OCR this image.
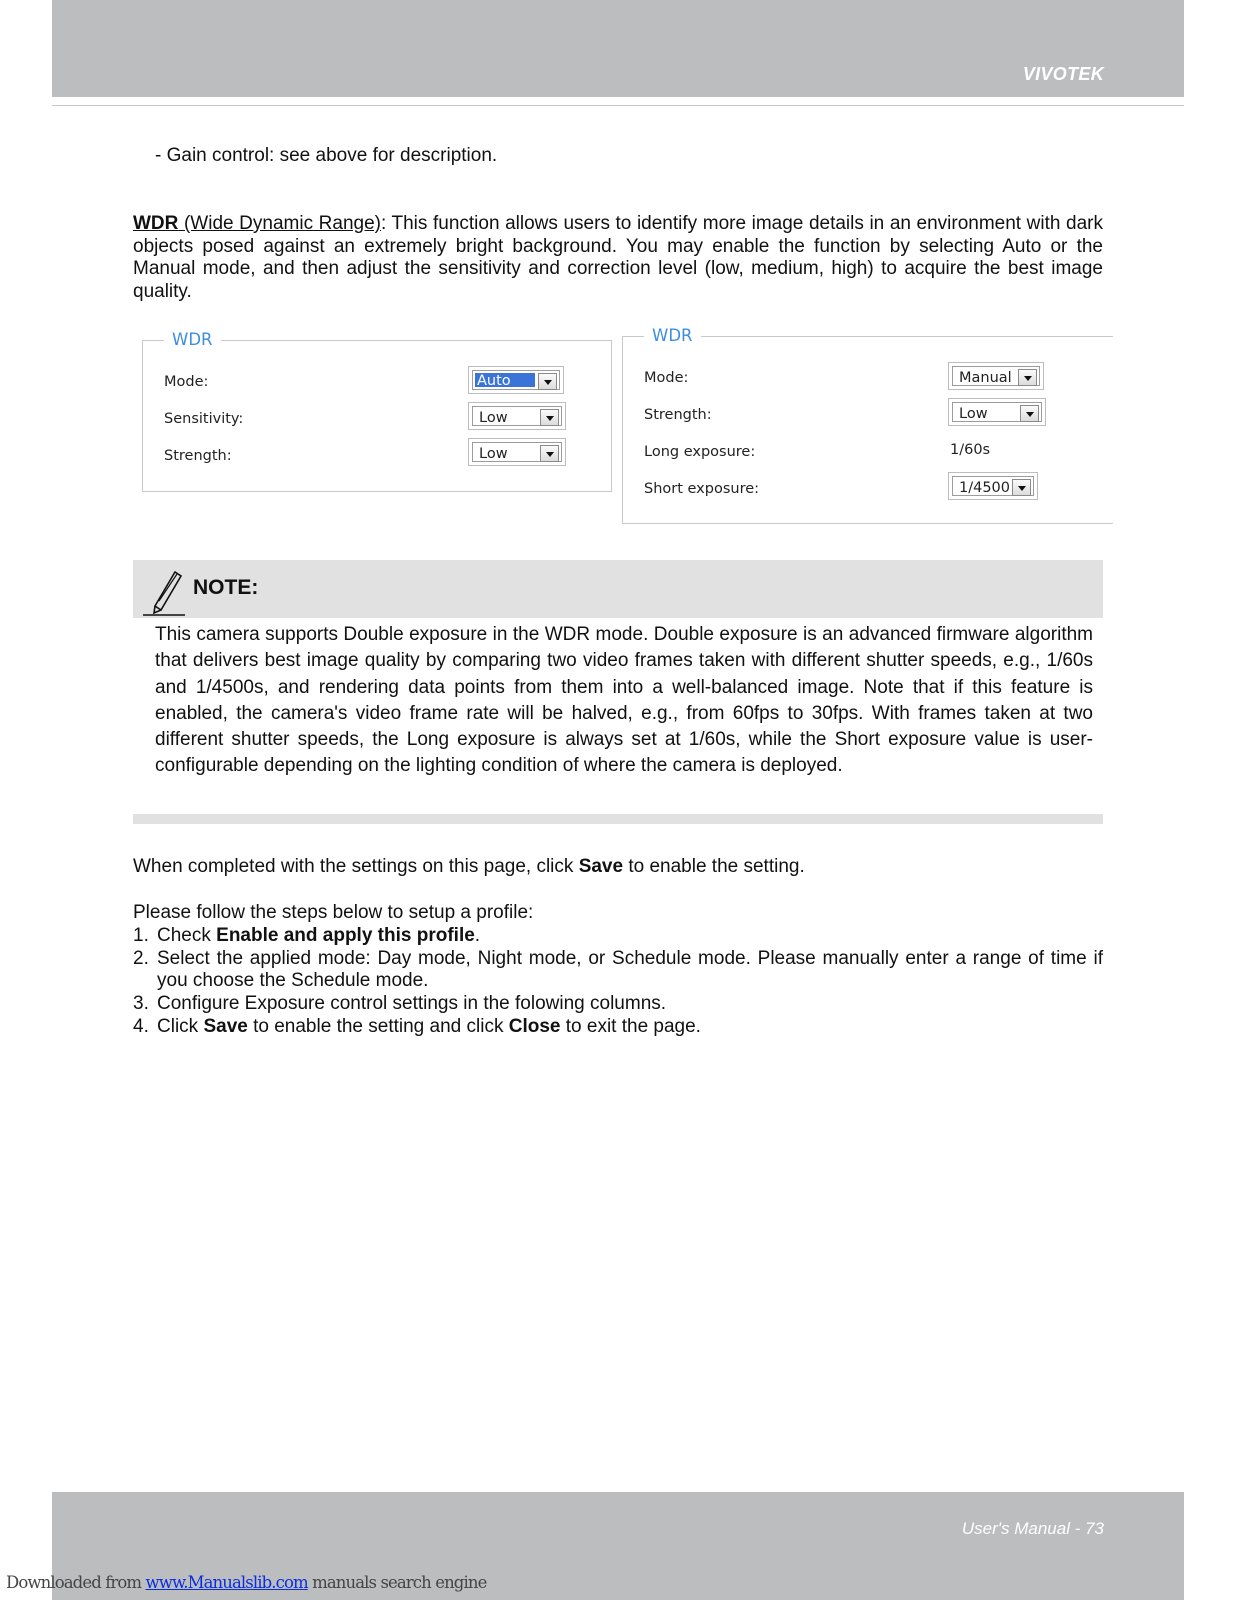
VIVOTEK
- Gain control: see above for description.
WDR (Wide Dynamic Range): This function allows users to identify more image details in an environment with dark objects posed against an extremely bright background. You may enable the function by selecting Auto or the Manual mode, and then adjust the sensitivity and correction level (low, medium, high) to acquire the best image quality.
WDR
Mode:	Auto
Sensitivity:	Low
Strength:	Low
WDR
Mode:	Manual
Strength:	Low
Long exposure:	1/60s
Short exposure:	1/4500
NOTE:
This camera supports Double exposure in the WDR mode. Double exposure is an advanced firmware algorithm that delivers best image quality by comparing two video frames taken with different shutter speeds, e.g., 1/60s and 1/4500s, and rendering data points from them into a well-balanced image. Note that if this feature is enabled, the camera's video frame rate will be halved, e.g., from 60fps to 30fps. With frames taken at two different shutter speeds, the Long exposure is always set at 1/60s, while the Short exposure value is user-configurable depending on the lighting condition of where the camera is deployed.
When completed with the settings on this page, click Save to enable the setting.
Please follow the steps below to setup a profile:
1. Check Enable and apply this profile.
2. Select the applied mode: Day mode, Night mode, or Schedule mode. Please manually enter a range of time if you choose the Schedule mode.
3. Configure Exposure control settings in the folowing columns.
4. Click Save to enable the setting and click Close to exit the page.
User's Manual - 73
Downloaded from www.Manualslib.com manuals search engine
